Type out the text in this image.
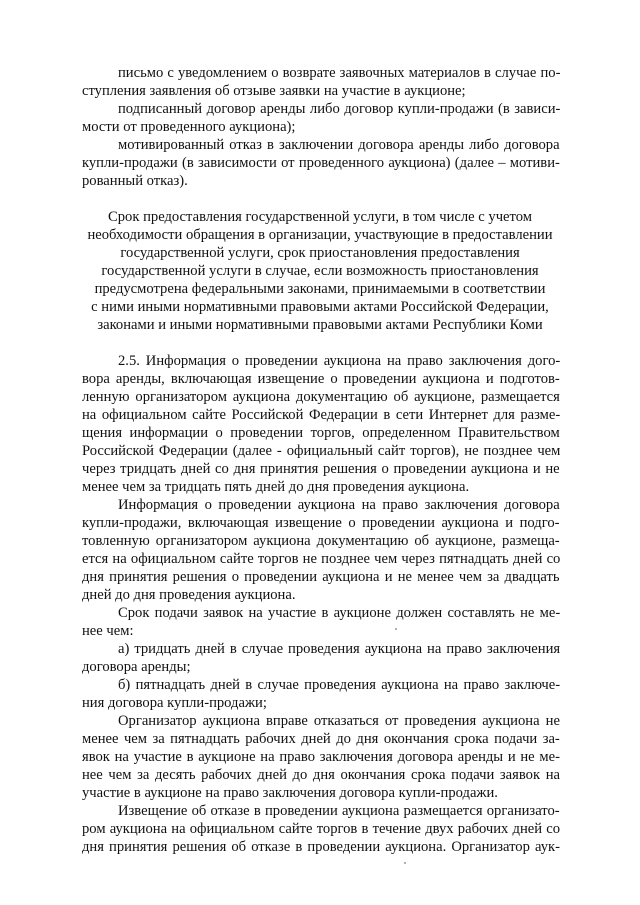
письмо с уведомлением о возврате заявочных материалов в случае по-
ступления заявления об отзыве заявки на участие в аукционе;
подписанный договор аренды либо договор купли-продажи (в зависи-
мости от проведенного аукциона);
мотивированный отказ в заключении договора аренды либо договора
купли-продажи (в зависимости от проведенного аукциона) (далее – мотиви-
рованный отказ).
Срок предоставления государственной услуги, в том числе с учетом
необходимости обращения в организации, участвующие в предоставлении
государственной услуги, срок приостановления предоставления
государственной услуги в случае, если возможность приостановления
предусмотрена федеральными законами, принимаемыми в соответствии
с ними иными нормативными правовыми актами Российской Федерации,
законами и иными нормативными правовыми актами Республики Коми
2.5. Информация о проведении аукциона на право заключения дого-
вора аренды, включающая извещение о проведении аукциона и подготов-
ленную организатором аукциона документацию об аукционе, размещается
на официальном сайте Российской Федерации в сети Интернет для разме-
щения информации о проведении торгов, определенном Правительством
Российской Федерации (далее - официальный сайт торгов), не позднее чем
через тридцать дней со дня принятия решения о проведении аукциона и не
менее чем за тридцать пять дней до дня проведения аукциона.
Информация о проведении аукциона на право заключения договора
купли-продажи, включающая извещение о проведении аукциона и подго-
товленную организатором аукциона документацию об аукционе, размеща-
ется на официальном сайте торгов не позднее чем через пятнадцать дней со
дня принятия решения о проведении аукциона и не менее чем за двадцать
дней до дня проведения аукциона.
Срок подачи заявок на участие в аукционе должен составлять не ме-
нее чем:
а) тридцать дней в случае проведения аукциона на право заключения
договора аренды;
б) пятнадцать дней в случае проведения аукциона на право заключе-
ния договора купли-продажи;
Организатор аукциона вправе отказаться от проведения аукциона не
менее чем за пятнадцать рабочих дней до дня окончания срока подачи за-
явок на участие в аукционе на право заключения договора аренды и не ме-
нее чем за десять рабочих дней до дня окончания срока подачи заявок на
участие в аукционе на право заключения договора купли-продажи.
Извещение об отказе в проведении аукциона размещается организато-
ром аукциона на официальном сайте торгов в течение двух рабочих дней со
дня принятия решения об отказе в проведении аукциона. Организатор аук-
